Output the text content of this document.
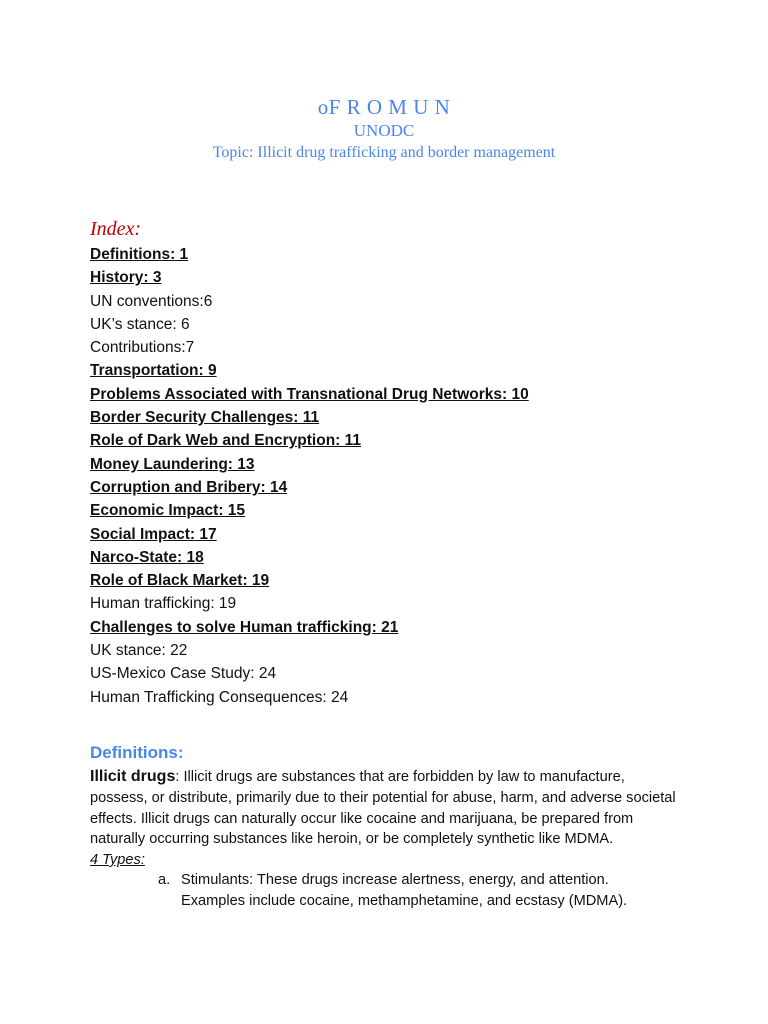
oF R O M U N
UNODC
Topic: Illicit drug trafficking and border management
Index:
Definitions: 1
History: 3
UN conventions:6
UK’s stance: 6
Contributions:7
Transportation: 9
Problems Associated with Transnational Drug Networks: 10
Border Security Challenges: 11
Role of Dark Web and Encryption: 11
Money Laundering: 13
Corruption and Bribery: 14
Economic Impact: 15
Social Impact: 17
Narco-State: 18
Role of Black Market: 19
Human trafficking: 19
Challenges to solve Human trafficking: 21
UK stance: 22
US-Mexico Case Study: 24
Human Trafficking Consequences: 24
Definitions:
Illicit drugs: Illicit drugs are substances that are forbidden by law to manufacture, possess, or distribute, primarily due to their potential for abuse, harm, and adverse societal effects. Illicit drugs can naturally occur like cocaine and marijuana, be prepared from naturally occurring substances like heroin, or be completely synthetic like MDMA.
4 Types:
a. Stimulants: These drugs increase alertness, energy, and attention. Examples include cocaine, methamphetamine, and ecstasy (MDMA).
